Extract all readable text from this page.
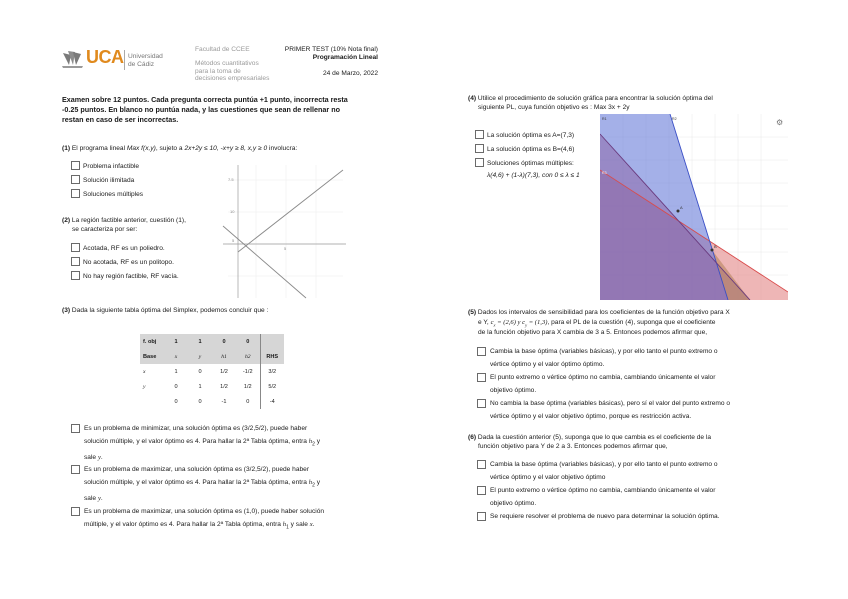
UCA Universidad
de Cádiz
Facultad de CCEE
Métodos cuantitativos
para la toma de
decisiones empresariales
PRIMER TEST (10% Nota final)
Programación Lineal
24 de Marzo, 2022
Examen sobre 12 puntos. Cada pregunta correcta puntúa +1 punto, incorrecta resta
-0.25 puntos. En blanco no puntúa nada, y las cuestiones que sean de rellenar no
restan en caso de ser incorrectas.
(1) El programa lineal Max f(x,y), sujeto a 2x+2y ≤ 10, -x+y ≥ 8, x,y ≥ 0 involucra:
Problema infactible
Solución ilimitada
Soluciones múltiples
7.5
10
5
5
(2) La región factible anterior, cuestión (1),
se caracteriza por ser:
Acotada, RF es un poliedro.
No acotada, RF es un politopo.
No hay región factible, RF vacía.
(3) Dada la siguiente tabla óptima del Simplex, podemos concluir que :
f. obj	1	1	0	0	
Base	x	y	h1	h2	RHS
x	1	0	1/2	-1/2	3/2
y	0	1	1/2	1/2	5/2
	0	0	-1	0	-4
Es un problema de minimizar, una solución óptima es (3/2,5/2), puede haber
solución múltiple, y el valor óptimo es 4. Para hallar la 2ª Tabla óptima, entra $h_2$ y
sale y.
Es un problema de maximizar, una solución óptima es (3/2,5/2), puede haber
solución múltiple, y el valor óptimo es 4. Para hallar la 2ª Tabla óptima, entra $h_2$ y
sale y.
Es un problema de maximizar, una solución óptima es (1,0), puede haber solución
múltiple, y el valor óptimo es 4. Para hallar la 2ª Tabla óptima, entra $h_1$ y sale x.
(4) Utilice el procedimiento de solución gráfica para encontrar la solución óptima del
siguiente PL, cuya función objetivo es : Max 3x + 2y
La solución óptima es A=(7,3)
La solución óptima es B=(4,6)
Soluciones óptimas múltiples:
λ(4,6) + (1-λ)(7,3), con 0 ≤ λ ≤ 1
A
B
R1	R2
R3
⚙
(5) Dados los intervalos de sensibilidad para los coeficientes de la función objetivo para X
e Y, $c_x = (2,6)$ y $c_y = (1,3)$, para el PL de la cuestión (4), suponga que el coeficiente
de la función objetivo para X cambia de 3 a 5. Entonces podemos afirmar que,
Cambia la base óptima (variables básicas), y por ello tanto el punto extremo o
vértice óptimo y el valor óptimo óptimo.
El punto extremo o vértice óptimo no cambia, cambiando únicamente el valor
objetivo óptimo.
No cambia la base óptima (variables básicas), pero sí el valor del punto extremo o
vértice óptimo y el valor objetivo óptimo, porque es restricción activa.
(6) Dada la cuestión anterior (5), suponga que lo que cambia es el coeficiente de la
función objetivo para Y de 2 a 3. Entonces podemos afirmar que,
Cambia la base óptima (variables básicas), y por ello tanto el punto extremo o
vértice óptimo y el valor objetivo óptimo
El punto extremo o vértice óptimo no cambia, cambiando únicamente el valor
objetivo óptimo.
Se requiere resolver el problema de nuevo para determinar la solución óptima.
